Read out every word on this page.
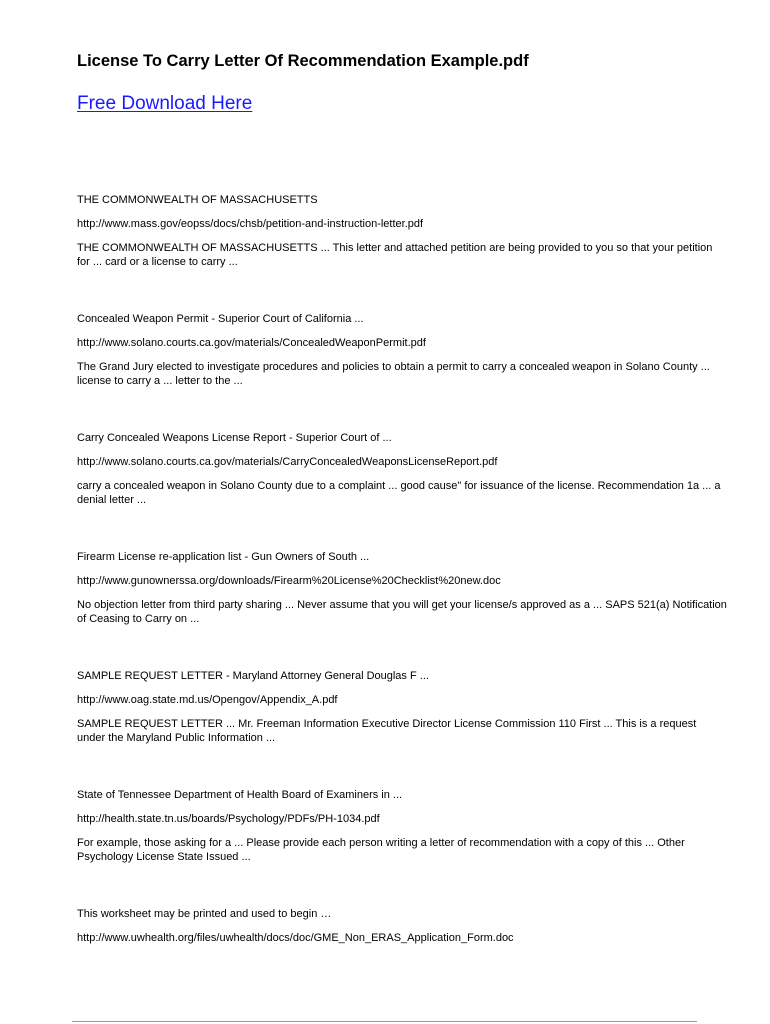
License To Carry Letter Of Recommendation Example.pdf
Free Download Here

THE COMMONWEALTH OF MASSACHUSETTS

http://www.mass.gov/eopss/docs/chsb/petition-and-instruction-letter.pdf

THE COMMONWEALTH OF MASSACHUSETTS ... This letter and attached petition are being provided to you so that your petition for ... card or a license to carry ...

Concealed Weapon Permit - Superior Court of California ...

http://www.solano.courts.ca.gov/materials/ConcealedWeaponPermit.pdf

The Grand Jury elected to investigate procedures and policies to obtain a permit to carry a concealed weapon in Solano County ... license to carry a ... letter to the ...

Carry Concealed Weapons License Report - Superior Court of ...

http://www.solano.courts.ca.gov/materials/CarryConcealedWeaponsLicenseReport.pdf

carry a concealed weapon in Solano County due to a complaint ... good cause" for issuance of the license. Recommendation 1a ... a denial letter ...

Firearm License re-application list - Gun Owners of South ...

http://www.gunownerssa.org/downloads/Firearm%20License%20Checklist%20new.doc

No objection letter from third party sharing ... Never assume that you will get your license/s approved as a ... SAPS 521(a) Notification of Ceasing to Carry on ...

SAMPLE REQUEST LETTER - Maryland Attorney General Douglas F ...

http://www.oag.state.md.us/Opengov/Appendix_A.pdf

SAMPLE REQUEST LETTER ... Mr. Freeman Information Executive Director License Commission 110 First ... This is a request under the Maryland Public Information ...

State of Tennessee Department of Health Board of Examiners in ...

http://health.state.tn.us/boards/Psychology/PDFs/PH-1034.pdf

For example, those asking for a ... Please provide each person writing a letter of recommendation with a copy of this ... Other Psychology License State Issued ...

This worksheet may be printed and used to begin …

http://www.uwhealth.org/files/uwhealth/docs/doc/GME_Non_ERAS_Application_Form.doc
